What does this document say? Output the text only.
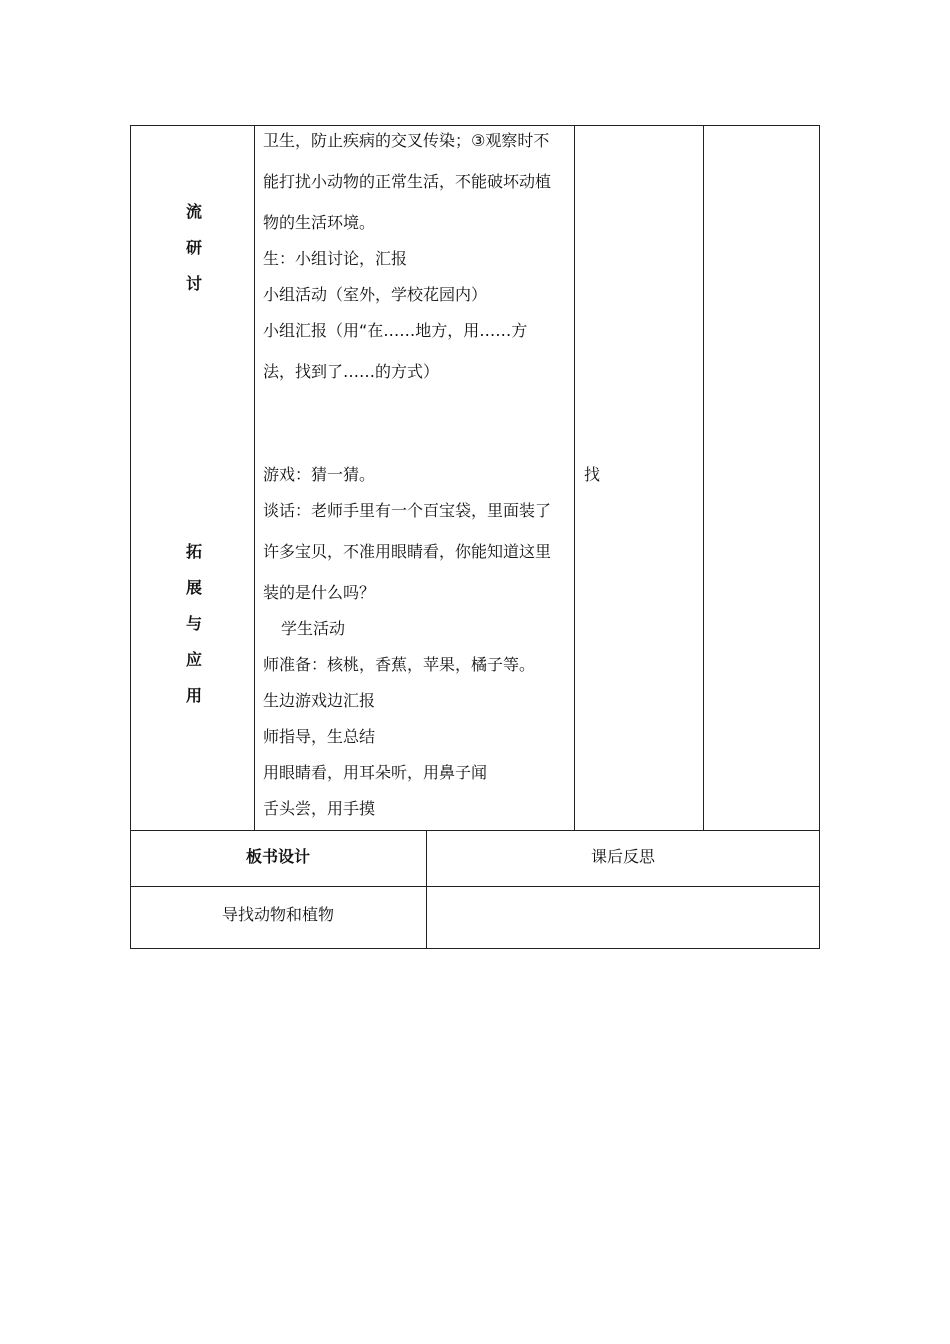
流
研
讨
拓
展
与
应
用
卫生，防止疾病的交叉传染；③观察时不
能打扰小动物的正常生活，不能破坏动植
物的生活环境。
生：小组讨论，汇报
小组活动（室外，学校花园内）
小组汇报（用“在……地方，用……方
法，找到了……的方式）
游戏：猜一猜。
谈话：老师手里有一个百宝袋，里面装了
许多宝贝，不准用眼睛看，你能知道这里
装的是什么吗？
学生活动
师准备：核桃，香蕉，苹果，橘子等。
生边游戏边汇报
师指导，生总结
用眼睛看，用耳朵听，用鼻子闻
舌头尝，用手摸
找
板书设计	课后反思
导找动物和植物
